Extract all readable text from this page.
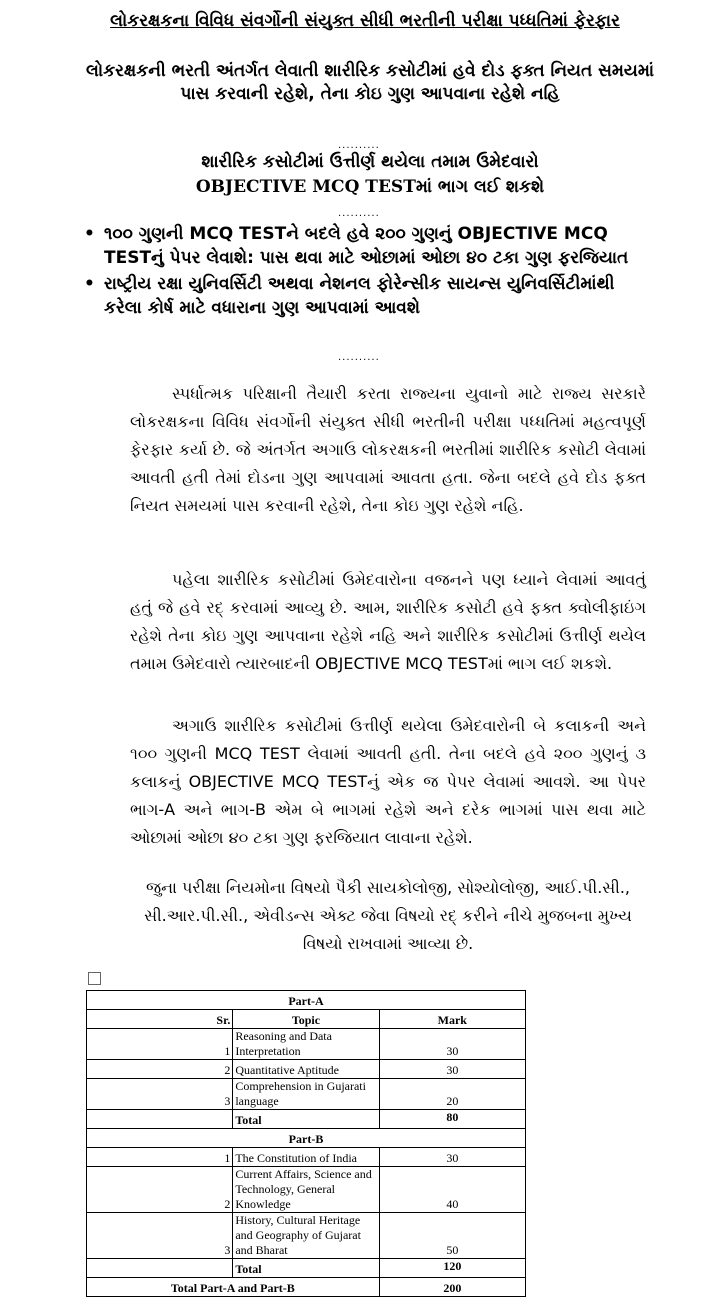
લોકરક્ષકના વિવિધ સંવર્ગોની સંયુક્ત સીધી ભરતીની પરીક્ષા પધ્ધતિમાં ફેરફાર
લોકરક્ષકની ભરતી અંતર્ગત લેવાતી શારીરિક કસોટીમાં હવે દોડ ફક્ત નિયત સમયમાં પાસ કરવાની રહેશે, તેના કોઇ ગુણ આપવાના રહેશે નહિ
..........
શારીરિક કસોટીમાં ઉત્તીર્ણ થયેલા તમામ ઉમેદવારો
OBJECTIVE MCQ TESTમાં ભાગ લઈ શકશે
..........
• ૧૦૦ ગુણની MCQ TESTને બદલે હવે ૨૦૦ ગુણનું OBJECTIVE MCQ TESTનું પેપર લેવાશે: પાસ થવા માટે ઓછામાં ઓછા ૪૦ ટકા ગુણ ફરજિયાત
• રાષ્ટ્રીય રક્ષા યુનિવર્સિટી અથવા નેશનલ ફોરેન્સીક સાયન્સ યુનિવર્સિટીમાંથી કરેલા કોર્ષ માટે વધારાના ગુણ આપવામાં આવશે
..........

સ્પર્ધાત્મક પરિક્ષાની તૈયારી કરતા રાજ્યના યુવાનો માટે રાજ્ય સરકારે લોકરક્ષકના વિવિધ સંવર્ગોની સંયુક્ત સીધી ભરતીની પરીક્ષા પધ્ધતિમાં મહત્વપૂર્ણ ફેરફાર કર્યા છે. જે અંતર્ગત અગાઉ લોકરક્ષકની ભરતીમાં શારીરિક કસોટી લેવામાં આવતી હતી તેમાં દોડના ગુણ આપવામાં આવતા હતા. જેના બદલે હવે દોડ ફક્ત નિયત સમયમાં પાસ કરવાની રહેશે, તેના કોઇ ગુણ રહેશે નહિ.

પહેલા શારીરિક કસોટીમાં ઉમેદવારોના વજનને પણ ધ્યાને લેવામાં આવતું હતું જે હવે રદ્ કરવામાં આવ્યુ છે. આમ, શારીરિક કસોટી હવે ફક્ત ક્વોલીફાઇંગ રહેશે તેના કોઇ ગુણ આપવાના રહેશે નહિ અને શારીરિક કસોટીમાં ઉત્તીર્ણ થયેલ તમામ ઉમેદવારો ત્યારબાદની OBJECTIVE MCQ TESTમાં ભાગ લઈ શકશે.

અગાઉ શારીરિક કસોટીમાં ઉત્તીર્ણ થયેલા ઉમેદવારોની બે કલાકની અને ૧૦૦ ગુણની MCQ TEST લેવામાં આવતી હતી. તેના બદલે હવે ૨૦૦ ગુણનું ૩ કલાકનું OBJECTIVE MCQ TESTનું એક જ પેપર લેવામાં આવશે. આ પેપર ભાગ-A અને ભાગ-B એમ બે ભાગમાં રહેશે અને દરેક ભાગમાં પાસ થવા માટે ઓછામાં ઓછા ૪૦ ટકા ગુણ ફરજિયાત લાવાના રહેશે.

જુના પરીક્ષા નિયમોના વિષયો પૈકી સાયકોલોજી, સોશ્યોલોજી, આઈ.પી.સી., સી.આર.પી.સી., એવીડન્સ એક્ટ જેવા વિષયો રદ્ કરીને નીચે મુજબના મુખ્ય વિષયો રાખવામાં આવ્યા છે.

Part-A		
Sr.	Topic	Mark
1	Reasoning and Data Interpretation	30
2	Quantitative Aptitude	30
3	Comprehension in Gujarati language	20
	Total	80
Part-B		
1	The Constitution of India	30
2	Current Affairs, Science and Technology, General Knowledge	40
3	History, Cultural Heritage and Geography of Gujarat and Bharat	50
	Total	120
Total Part-A and Part-B		200
